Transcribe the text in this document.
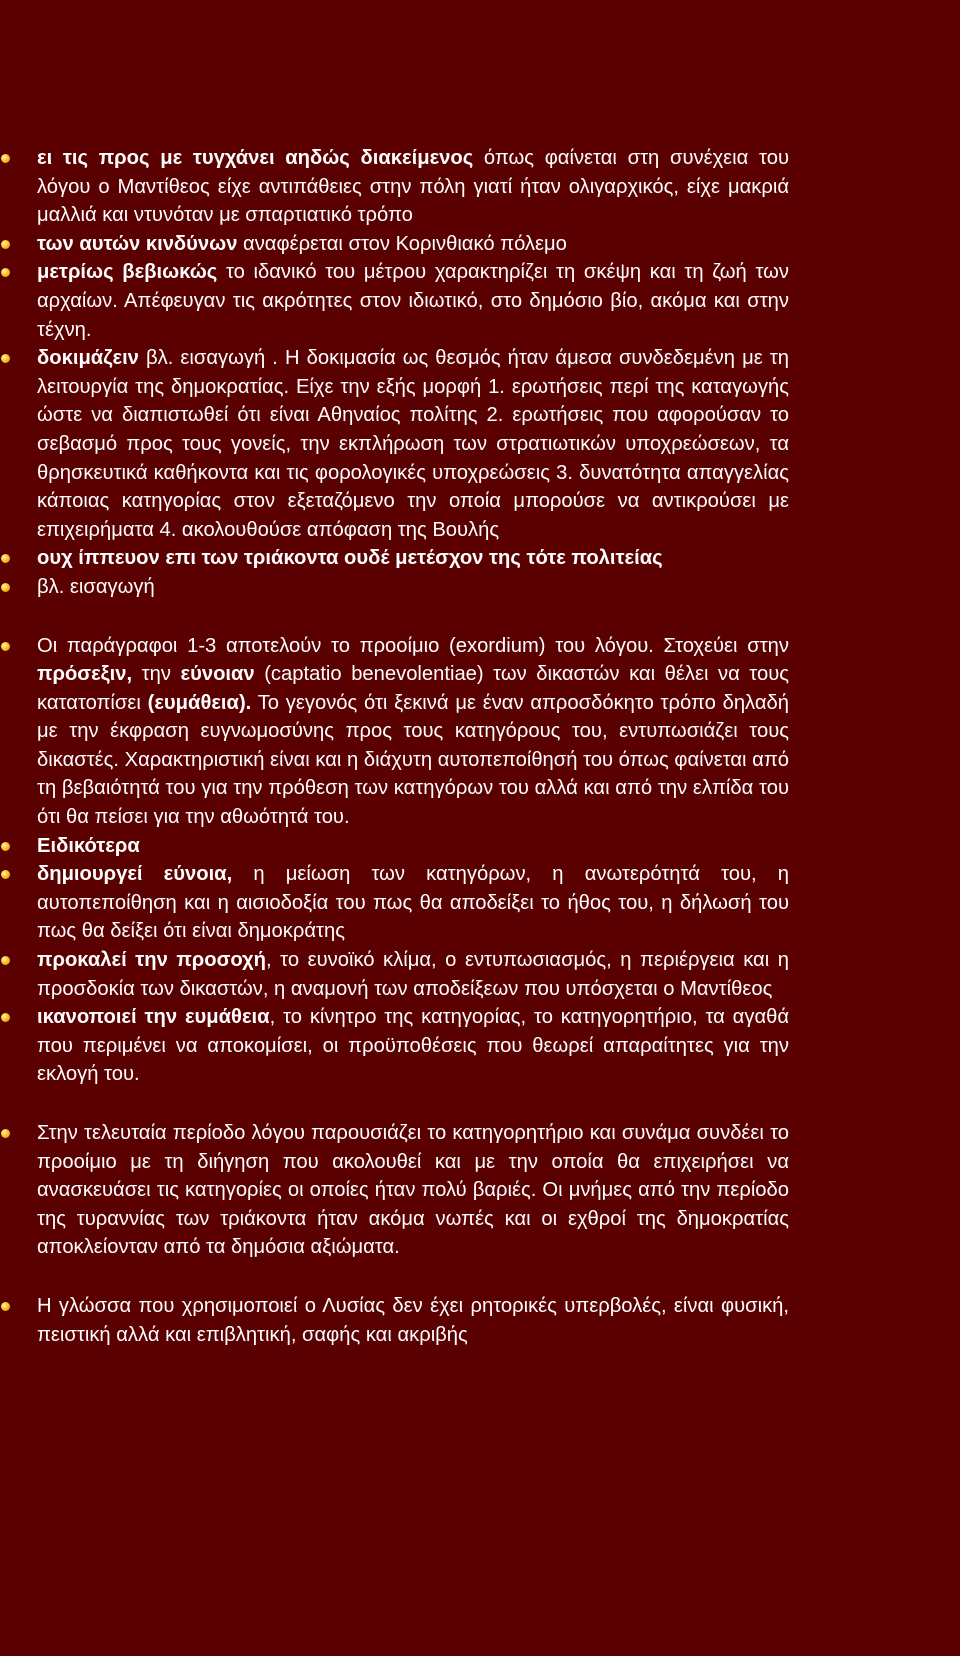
ει τις προς με τυγχάνει αηδώς διακείμενος όπως φαίνεται στη συνέχεια του λόγου ο Μαντίθεος είχε αντιπάθειες στην πόλη γιατί ήταν ολιγαρχικός, είχε μακριά μαλλιά και ντυνόταν με σπαρτιατικό τρόπο
των αυτών κινδύνων αναφέρεται στον Κορινθιακό πόλεμο
μετρίως βεβιωκώς το ιδανικό του μέτρου χαρακτηρίζει τη σκέψη και τη ζωή των αρχαίων. Απέφευγαν τις ακρότητες στον ιδιωτικό, στο δημόσιο βίο, ακόμα και στην τέχνη.
δοκιμάζειν βλ. εισαγωγή . Η δοκιμασία ως θεσμός ήταν άμεσα συνδεδεμένη με τη λειτουργία της δημοκρατίας. Είχε την εξής μορφή 1. ερωτήσεις περί της καταγωγής ώστε να διαπιστωθεί ότι είναι Αθηναίος πολίτης 2. ερωτήσεις που αφορούσαν το σεβασμό προς τους γονείς, την εκπλήρωση των στρατιωτικών υποχρεώσεων, τα θρησκευτικά καθήκοντα και τις φορολογικές υποχρεώσεις 3. δυνατότητα απαγγελίας κάποιας κατηγορίας στον εξεταζόμενο την οποία μπορούσε να αντικρούσει με επιχειρήματα 4. ακολουθούσε απόφαση της Βουλής
ουχ ίππευον επι των τριάκοντα ουδέ μετέσχον της τότε πολιτείας
βλ. εισαγωγή
Οι παράγραφοι 1-3 αποτελούν το προοίμιο (exordium) του λόγου. Στοχεύει στην πρόσεξιν, την εύνοιαν (captatio benevolentiae) των δικαστών και θέλει να τους κατατοπίσει (ευμάθεια). Το γεγονός ότι ξεκινά με έναν απροσδόκητο τρόπο δηλαδή με την έκφραση ευγνωμοσύνης προς τους κατηγόρους του, εντυπωσιάζει τους δικαστές. Χαρακτηριστική είναι και η διάχυτη αυτοπεποίθησή του όπως φαίνεται από τη βεβαιότητά του για την πρόθεση των κατηγόρων του αλλά και από την ελπίδα του ότι θα πείσει για την αθωότητά του.
Ειδικότερα
δημιουργεί εύνοια, η μείωση των κατηγόρων, η ανωτερότητά του, η αυτοπεποίθηση και η αισιοδοξία του πως θα αποδείξει το ήθος του, η δήλωσή του πως θα δείξει ότι είναι δημοκράτης
προκαλεί την προσοχή, το ευνοϊκό κλίμα, ο εντυπωσιασμός, η περιέργεια και η προσδοκία των δικαστών, η αναμονή των αποδείξεων που υπόσχεται ο Μαντίθεος
ικανοποιεί την ευμάθεια, το κίνητρο της κατηγορίας, το κατηγορητήριο, τα αγαθά που περιμένει να αποκομίσει, οι προϋποθέσεις που θεωρεί απαραίτητες για την εκλογή του.
Στην τελευταία περίοδο λόγου παρουσιάζει το κατηγορητήριο και συνάμα συνδέει το προοίμιο με τη διήγηση που ακολουθεί και με την οποία θα επιχειρήσει να ανασκευάσει τις κατηγορίες οι οποίες ήταν πολύ βαριές. Οι μνήμες από την περίοδο της τυραννίας των τριάκοντα ήταν ακόμα νωπές και οι εχθροί της δημοκρατίας αποκλείονταν από τα δημόσια αξιώματα.
Η γλώσσα που χρησιμοποιεί ο Λυσίας δεν έχει ρητορικές υπερβολές, είναι φυσική, πειστική αλλά και επιβλητική, σαφής και ακριβής
